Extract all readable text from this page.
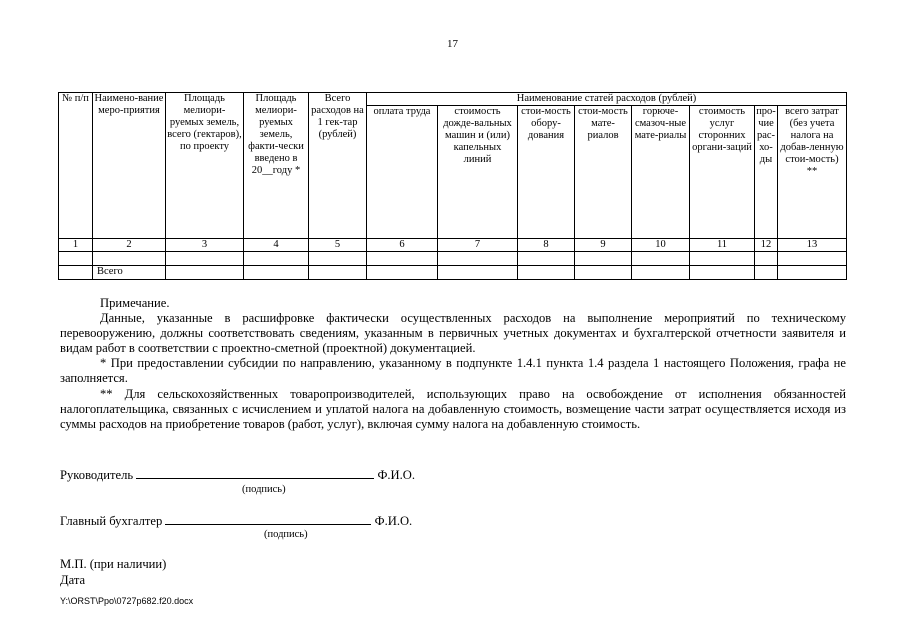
17
№ п/п	Наимено-вание меро-приятия	Площадь мелиори-руемых земель, всего (гектаров), по проекту	Площадь мелиори-руемых земель, факти-чески введено в 20__году *	Всего расходов на 1 гек-тар (рублей)	Наименование статей расходов (рублей)							
					оплата труда	стоимость дожде-вальных машин и (или) капельных линий	стои-мость обору-дования	стои-мость мате-риалов	горюче-смазоч-ные мате-риалы	стоимость услуг сторонних органи-заций	про-чие рас-хо-ды	всего затрат (без учета налога на добав-ленную стои-мость) **
1	2	3	4	5	6	7	8	9	10	11	12	13

	Всего											

Примечание.

Данные, указанные в расшифровке фактически осуществленных расходов на выполнение мероприятий по техническому перевооружению, должны соответствовать сведениям, указанным в первичных учетных документах и бухгалтерской отчетности заявителя и видам работ в соответствии с проектно-сметной (проектной) документацией.

* При предоставлении субсидии по направлению, указанному в подпункте 1.4.1 пункта 1.4 раздела 1 настоящего Положения, графа не заполняется.

** Для сельскохозяйственных товаропроизводителей, использующих право на освобождение от исполнения обязанностей налогоплательщика, связанных с исчислением и уплатой налога на добавленную стоимость, возмещение части затрат осуществляется исходя из суммы расходов на приобретение товаров (работ, услуг), включая сумму налога на добавленную стоимость.

Руководитель	Ф.И.О.
(подпись)
Главный бухгалтер	Ф.И.О.
(подпись)
М.П. (при наличии)
Дата
Y:\ORST\Ppo\0727p682.f20.docx
